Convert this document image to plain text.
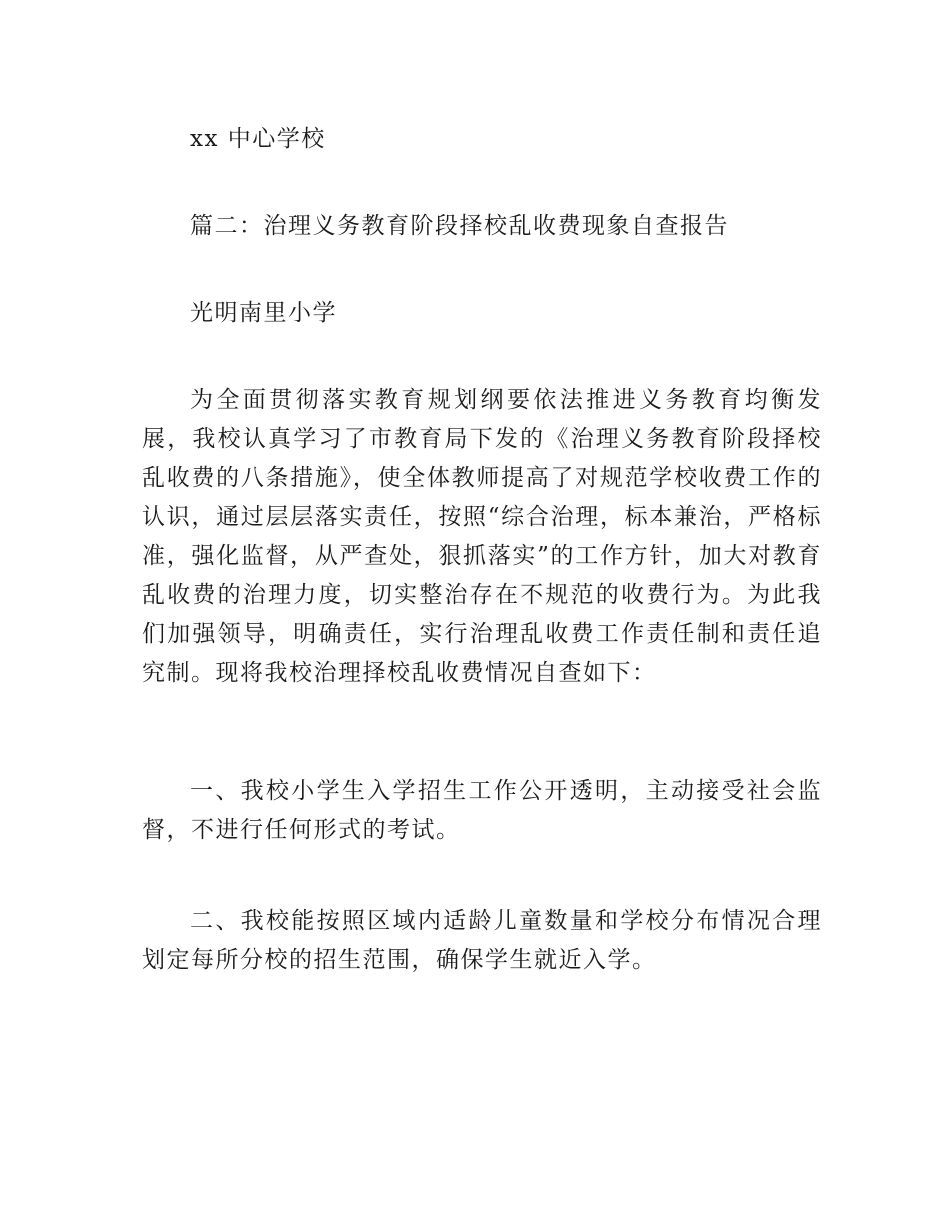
xx 中心学校

篇二：治理义务教育阶段择校乱收费现象自查报告

光明南里小学

为全面贯彻落实教育规划纲要依法推进义务教育均衡发展，我校认真学习了市教育局下发的《治理义务教育阶段择校乱收费的八条措施》，使全体教师提高了对规范学校收费工作的认识，通过层层落实责任，按照“综合治理，标本兼治，严格标准，强化监督，从严查处，狠抓落实”的工作方针，加大对教育乱收费的治理力度，切实整治存在不规范的收费行为。为此我们加强领导，明确责任，实行治理乱收费工作责任制和责任追究制。现将我校治理择校乱收费情况自查如下：

一、我校小学生入学招生工作公开透明，主动接受社会监督，不进行任何形式的考试。

二、我校能按照区域内适龄儿童数量和学校分布情况合理划定每所分校的招生范围，确保学生就近入学。
